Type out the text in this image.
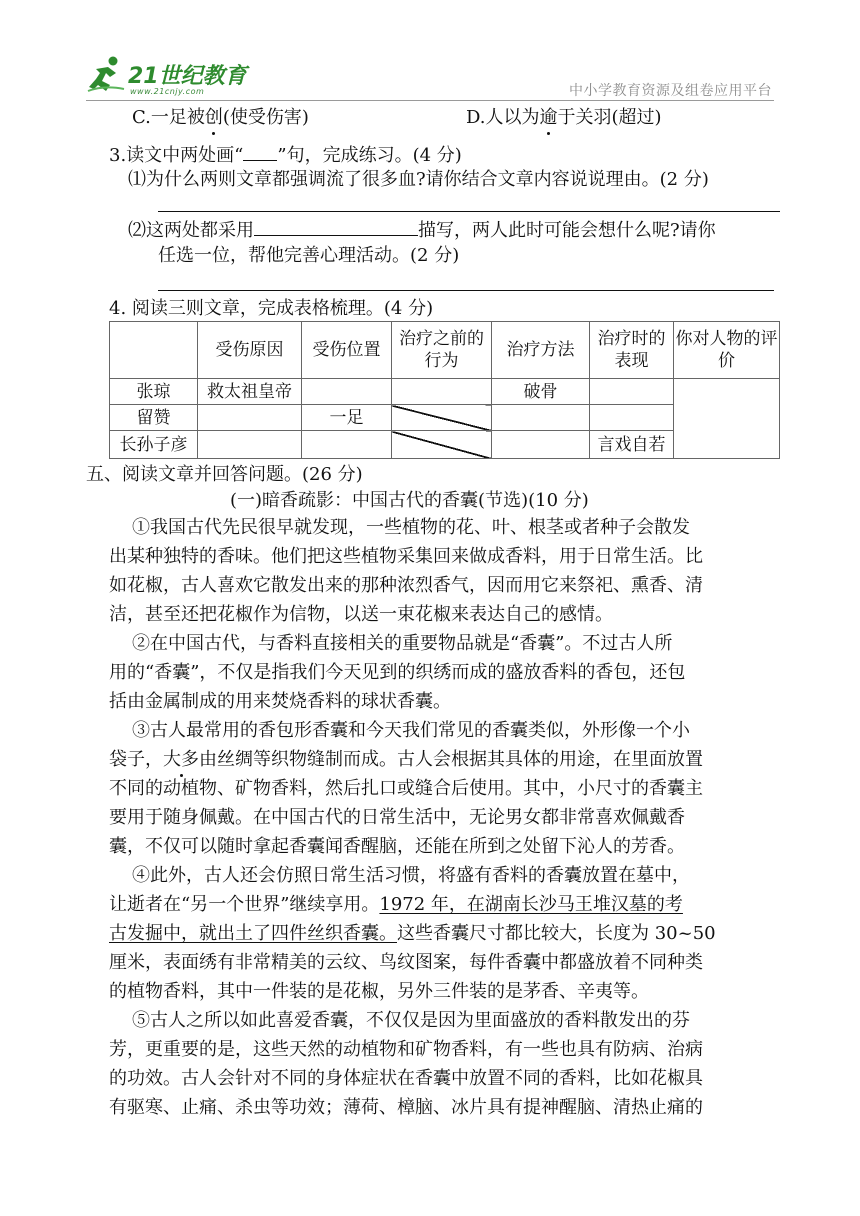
21世纪教育
www.21cnjy.com	中小学教育资源及组卷应用平台
C.一足被创(使受伤害)	D.人以为逾于关羽(超过)
3.读文中两处画“ ”句，完成练习。(4 分)
⑴为什么两则文章都强调流了很多血?请你结合文章内容说说理由。(2 分)
⑵这两处都采用	描写，两人此时可能会想什么呢?请你
任选一位，帮他完善心理活动。(2 分)
4. 阅读三则文章，完成表格梳理。(4 分)
	受伤原因	受伤位置	治疗之前的行为	治疗方法	治疗时的表现	你对人物的评价
张琼	救太祖皇帝			破骨		
留赞		一足				
长孙子彦					言戏自若	
五、阅读文章并回答问题。(26 分)
(一)暗香疏影：中国古代的香囊(节选)(10 分)
①我国古代先民很早就发现，一些植物的花、叶、根茎或者种子会散发
出某种独特的香味。他们把这些植物采集回来做成香料，用于日常生活。比
如花椒，古人喜欢它散发出来的那种浓烈香气，因而用它来祭祀、熏香、清
洁，甚至还把花椒作为信物，以送一束花椒来表达自己的感情。
②在中国古代，与香料直接相关的重要物品就是“香囊”。不过古人所
用的“香囊”，不仅是指我们今天见到的织绣而成的盛放香料的香包，还包
括由金属制成的用来焚烧香料的球状香囊。
③古人最常用的香包形香囊和今天我们常见的香囊类似，外形像一个小
袋子，大多由丝绸等织物缝制而成。古人会根据其具体的用途，在里面放置
不同的动植物、矿物香料，然后扎口或缝合后使用。其中，小尺寸的香囊主
要用于随身佩戴。在中国古代的日常生活中，无论男女都非常喜欢佩戴香
囊，不仅可以随时拿起香囊闻香醒脑，还能在所到之处留下沁人的芳香。
④此外，古人还会仿照日常生活习惯，将盛有香料的香囊放置在墓中，
让逝者在“另一个世界”继续享用。1972 年，在湖南长沙马王堆汉墓的考
古发掘中，就出土了四件丝织香囊。这些香囊尺寸都比较大，长度为 30~50
厘米，表面绣有非常精美的云纹、鸟纹图案，每件香囊中都盛放着不同种类
的植物香料，其中一件装的是花椒，另外三件装的是茅香、辛夷等。
⑤古人之所以如此喜爱香囊，不仅仅是因为里面盛放的香料散发出的芬
芳，更重要的是，这些天然的动植物和矿物香料，有一些也具有防病、治病
的功效。古人会针对不同的身体症状在香囊中放置不同的香料，比如花椒具
有驱寒、止痛、杀虫等功效；薄荷、樟脑、冰片具有提神醒脑、清热止痛的
